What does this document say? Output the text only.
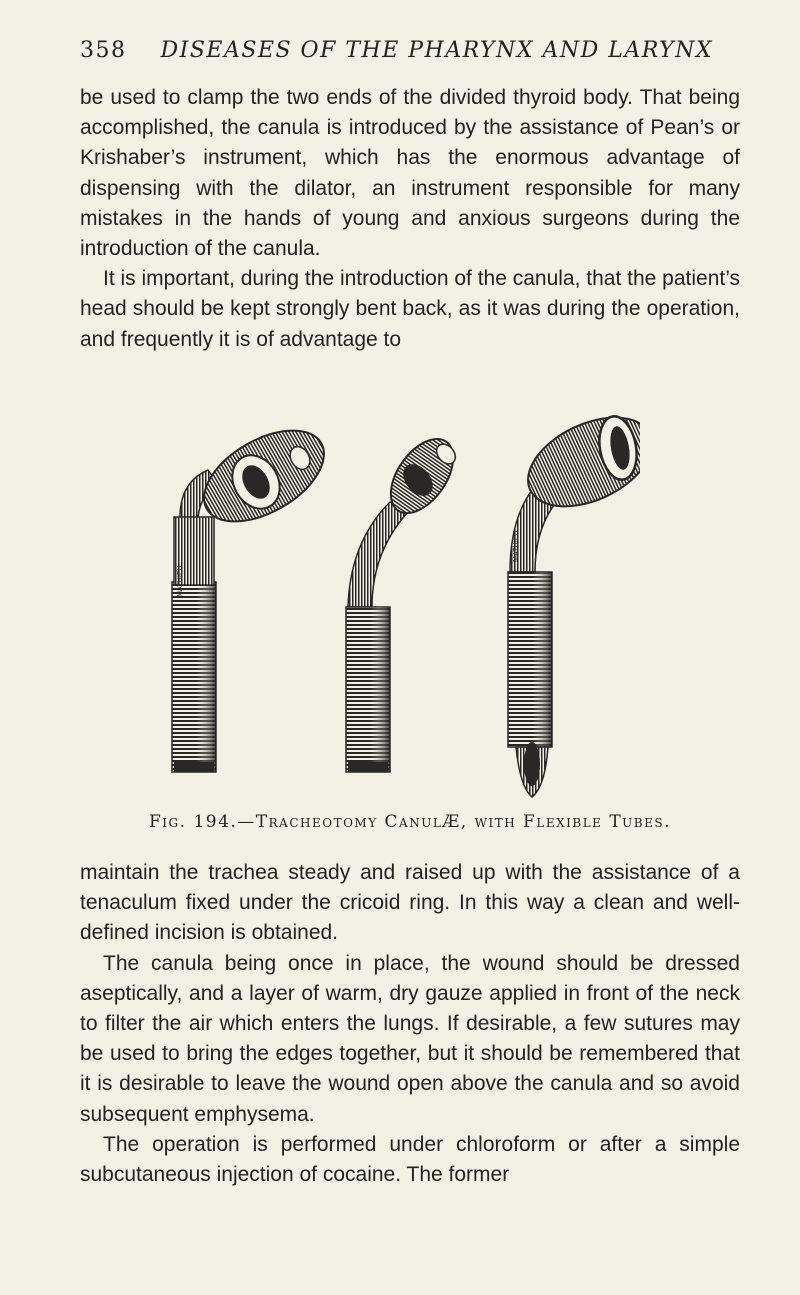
358 DISEASES OF THE PHARYNX AND LARYNX

be used to clamp the two ends of the divided thyroid body. That being accomplished, the canula is introduced by the assistance of Pean’s or Krishaber’s instrument, which has the enormous advantage of dispensing with the dilator, an instrument responsible for many mistakes in the hands of young and anxious surgeons during the introduction of the canula.

It is important, during the introduction of the canula, that the patient’s head should be kept strongly bent back, as it was during the operation, and frequently it is of advantage to

MATHIEU
MATHIEU
Fig. 194.—Tracheotomy CanulÆ, with Flexible Tubes.

maintain the trachea steady and raised up with the assistance of a tenaculum fixed under the cricoid ring. In this way a clean and well-defined incision is obtained.

The canula being once in place, the wound should be dressed aseptically, and a layer of warm, dry gauze applied in front of the neck to filter the air which enters the lungs. If desirable, a few sutures may be used to bring the edges together, but it should be remembered that it is desirable to leave the wound open above the canula and so avoid subsequent emphysema.

The operation is performed under chloroform or after a simple subcutaneous injection of cocaine. The former
